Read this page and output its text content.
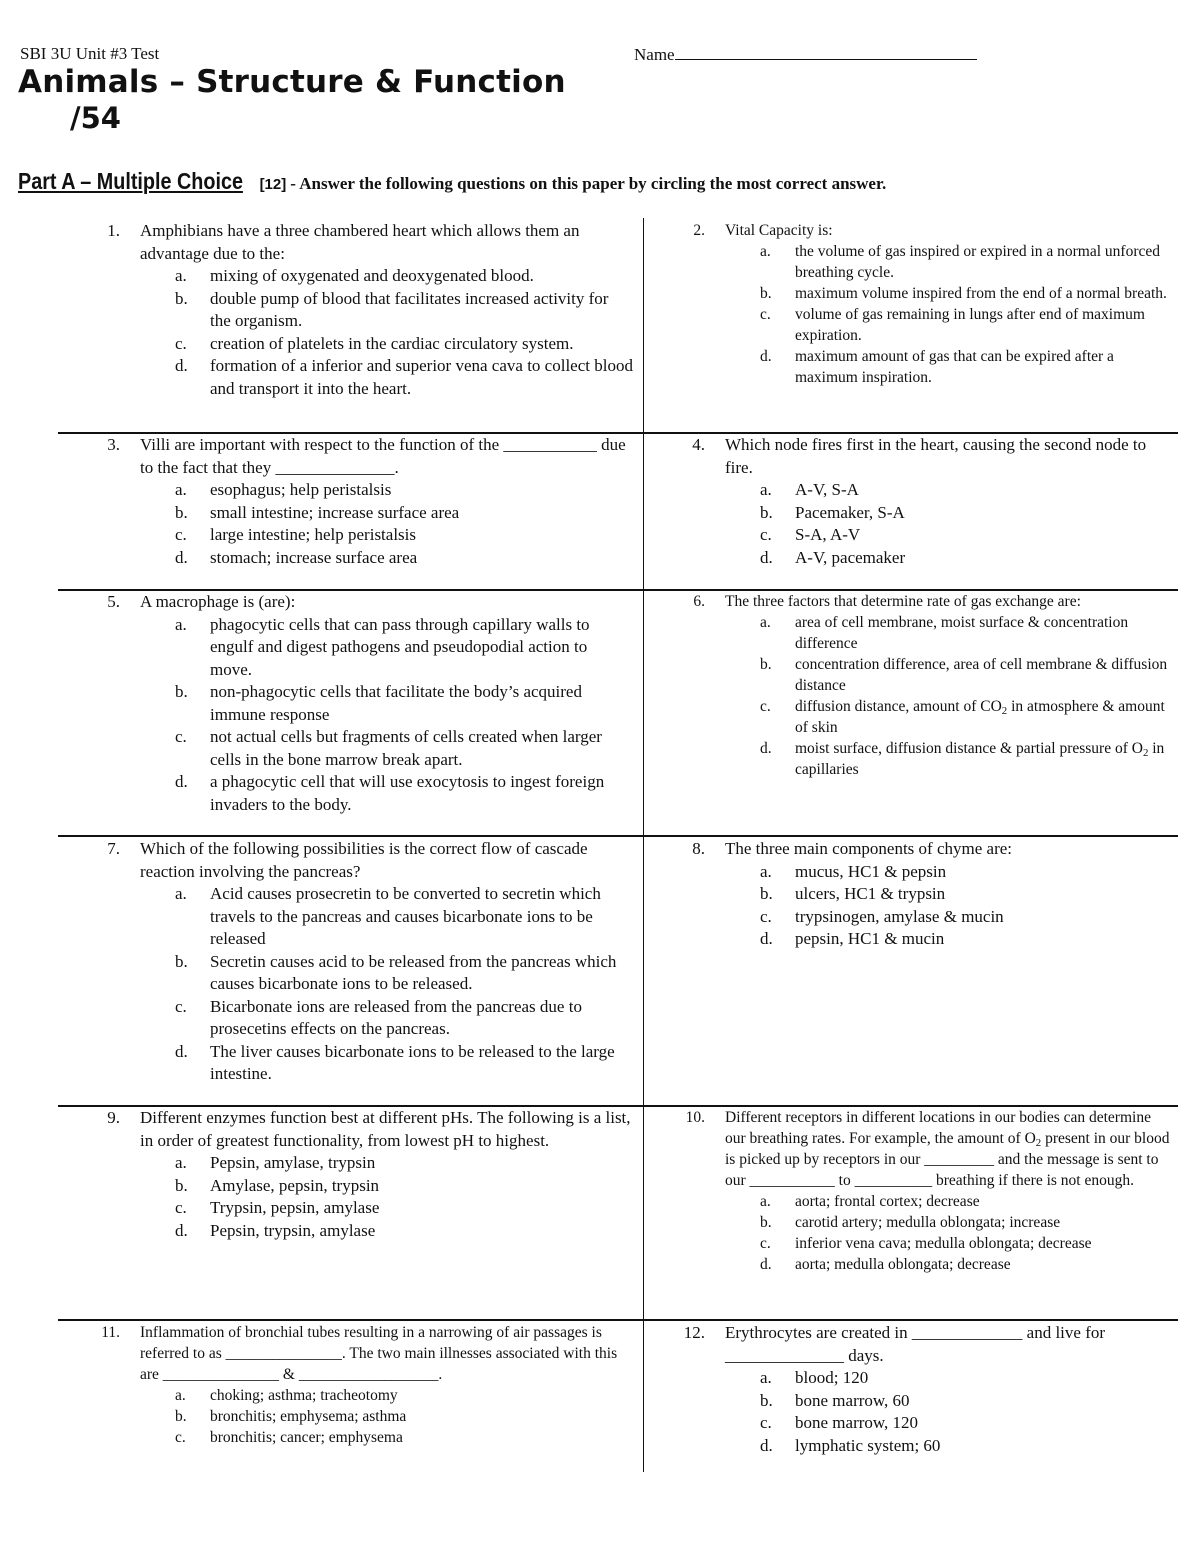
SBI 3U Unit #3 Test	Name
Animals – Structure & Function
/54
Part A – Multiple Choice [12] - Answer the following questions on this paper by circling the most correct answer.
1. Amphibians have a three chambered heart which allows them an advantage due to the:
a. mixing of oxygenated and deoxygenated blood.
b. double pump of blood that facilitates increased activity for the organism.
c. creation of platelets in the cardiac circulatory system.
d. formation of a inferior and superior vena cava to collect blood and transport it into the heart.
2. Vital Capacity is:
a. the volume of gas inspired or expired in a normal unforced breathing cycle.
b. maximum volume inspired from the end of a normal breath.
c. volume of gas remaining in lungs after end of maximum expiration.
d. maximum amount of gas that can be expired after a maximum inspiration.
3. Villi are important with respect to the function of the ___________ due to the fact that they ______________.
a. esophagus; help peristalsis
b. small intestine; increase surface area
c. large intestine; help peristalsis
d. stomach; increase surface area
4. Which node fires first in the heart, causing the second node to fire.
a. A-V, S-A
b. Pacemaker, S-A
c. S-A, A-V
d. A-V, pacemaker
5. A macrophage is (are):
a. phagocytic cells that can pass through capillary walls to engulf and digest pathogens and pseudopodial action to move.
b. non-phagocytic cells that facilitate the body’s acquired immune response
c. not actual cells but fragments of cells created when larger cells in the bone marrow break apart.
d. a phagocytic cell that will use exocytosis to ingest foreign invaders to the body.
6. The three factors that determine rate of gas exchange are:
a. area of cell membrane, moist surface & concentration difference
b. concentration difference, area of cell membrane & diffusion distance
c. diffusion distance, amount of $CO_2$ in atmosphere & amount of skin
d. moist surface, diffusion distance & partial pressure of $O_2$ in capillaries
7. Which of the following possibilities is the correct flow of cascade reaction involving the pancreas?
a. Acid causes prosecretin to be converted to secretin which travels to the pancreas and causes bicarbonate ions to be released
b. Secretin causes acid to be released from the pancreas which causes bicarbonate ions to be released.
c. Bicarbonate ions are released from the pancreas due to prosecetins effects on the pancreas.
d. The liver causes bicarbonate ions to be released to the large intestine.
8. The three main components of chyme are:
a. mucus, HC1 & pepsin
b. ulcers, HC1 & trypsin
c. trypsinogen, amylase & mucin
d. pepsin, HC1 & mucin
9. Different enzymes function best at different pHs. The following is a list, in order of greatest functionality, from lowest pH to highest.
a. Pepsin, amylase, trypsin
b. Amylase, pepsin, trypsin
c. Trypsin, pepsin, amylase
d. Pepsin, trypsin, amylase
10. Different receptors in different locations in our bodies can determine our breathing rates. For example, the amount of $O_2$ present in our blood is picked up by receptors in our _________ and the message is sent to our ___________ to __________ breathing if there is not enough.
a. aorta; frontal cortex; decrease
b. carotid artery; medulla oblongata; increase
c. inferior vena cava; medulla oblongata; decrease
d. aorta; medulla oblongata; decrease
11. Inflammation of bronchial tubes resulting in a narrowing of air passages is referred to as _______________. The two main illnesses associated with this are _______________ & __________________.
a. choking; asthma; tracheotomy
b. bronchitis; emphysema; asthma
c. bronchitis; cancer; emphysema
12. Erythrocytes are created in _____________ and live for ______________ days.
a. blood; 120
b. bone marrow, 60
c. bone marrow, 120
d. lymphatic system; 60
